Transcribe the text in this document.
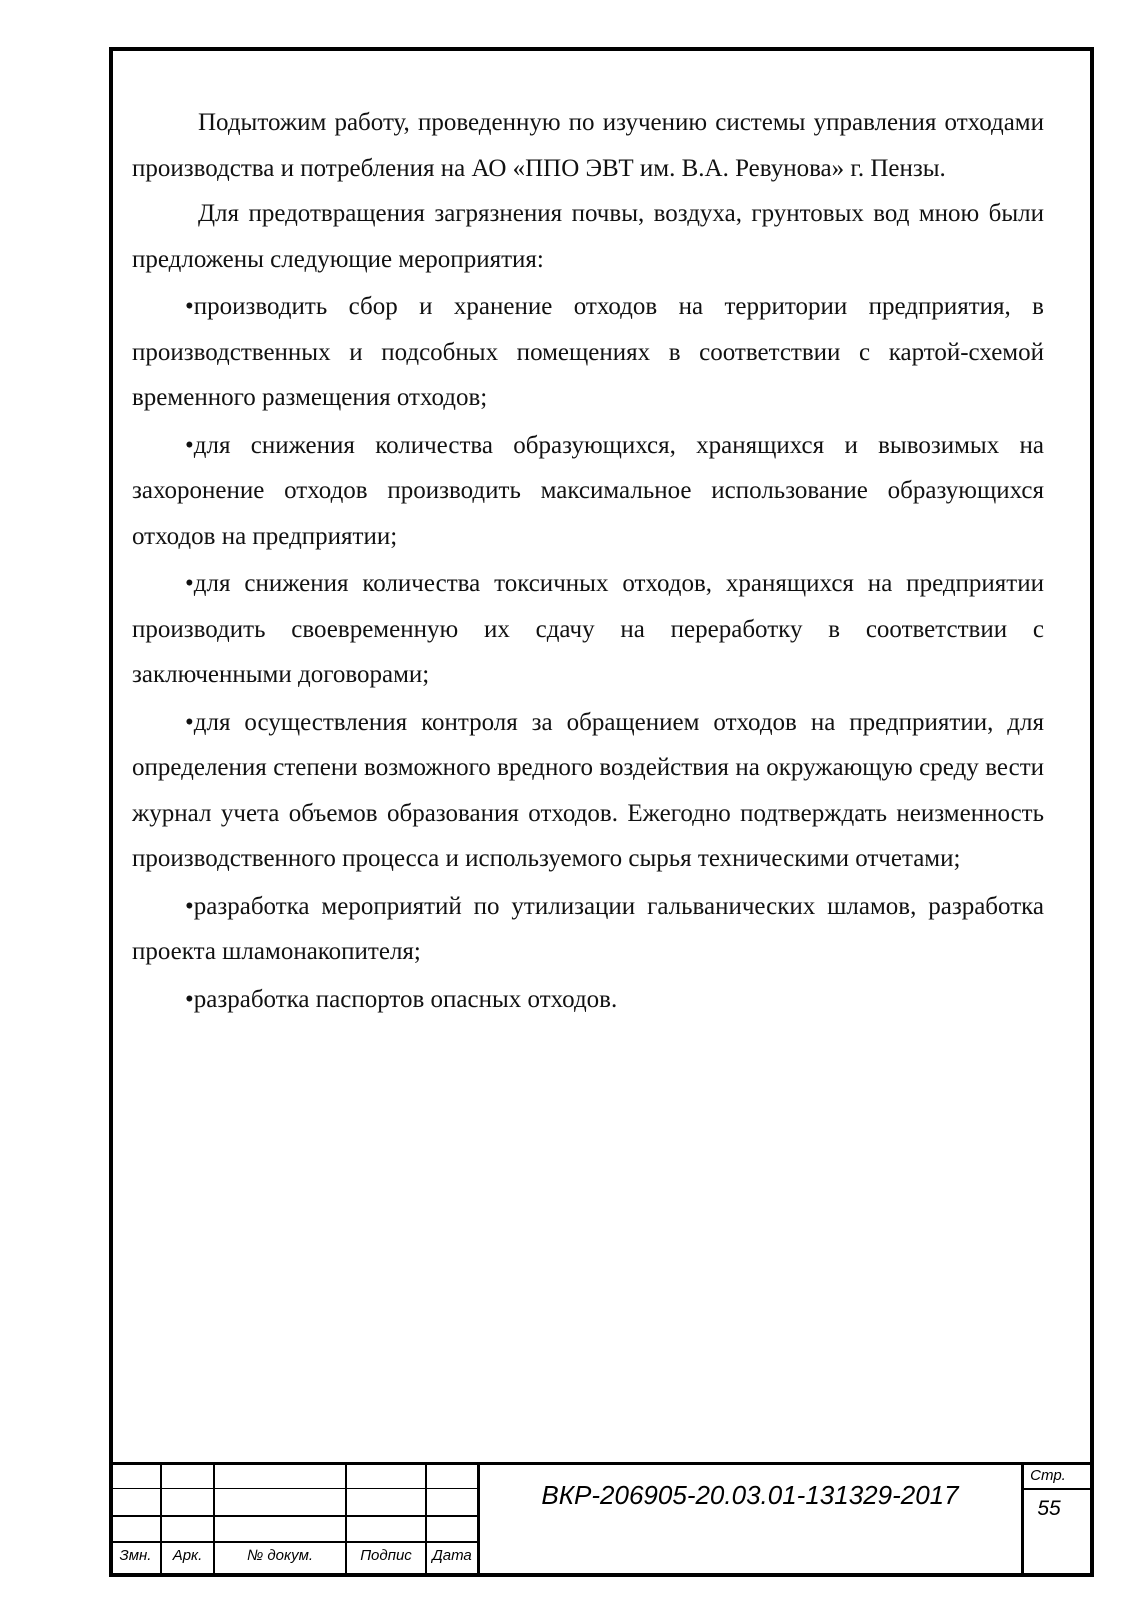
Подытожим работу, проведенную по изучению системы управления отходами производства и потребления на АО «ППО ЭВТ им. В.А. Ревунова» г. Пензы.

Для предотвращения загрязнения почвы, воздуха, грунтовых вод мною были предложены следующие мероприятия:

•производить сбор и хранение отходов на территории предприятия, в производственных и подсобных помещениях в соответствии с картой-схемой временного размещения отходов;

•для снижения количества образующихся, хранящихся и вывозимых на захоронение отходов производить максимальное использование образующихся отходов на предприятии;

•для снижения количества токсичных отходов, хранящихся на предприятии производить своевременную их сдачу на переработку в соответствии с заключенными договорами;

•для осуществления контроля за обращением отходов на предприятии, для определения степени возможного вредного воздействия на окружающую среду вести журнал учета объемов образования отходов. Ежегодно подтверждать неизменность производственного процесса и используемого сырья техническими отчетами;

•разработка мероприятий по утилизации гальванических шламов, разработка проекта шламонакопителя;

•разработка паспортов опасных отходов.

Змн.	Арк.	№ докум.	Подпис	Дата
Стр.
ВКР-206905-20.03.01-131329-2017	55
